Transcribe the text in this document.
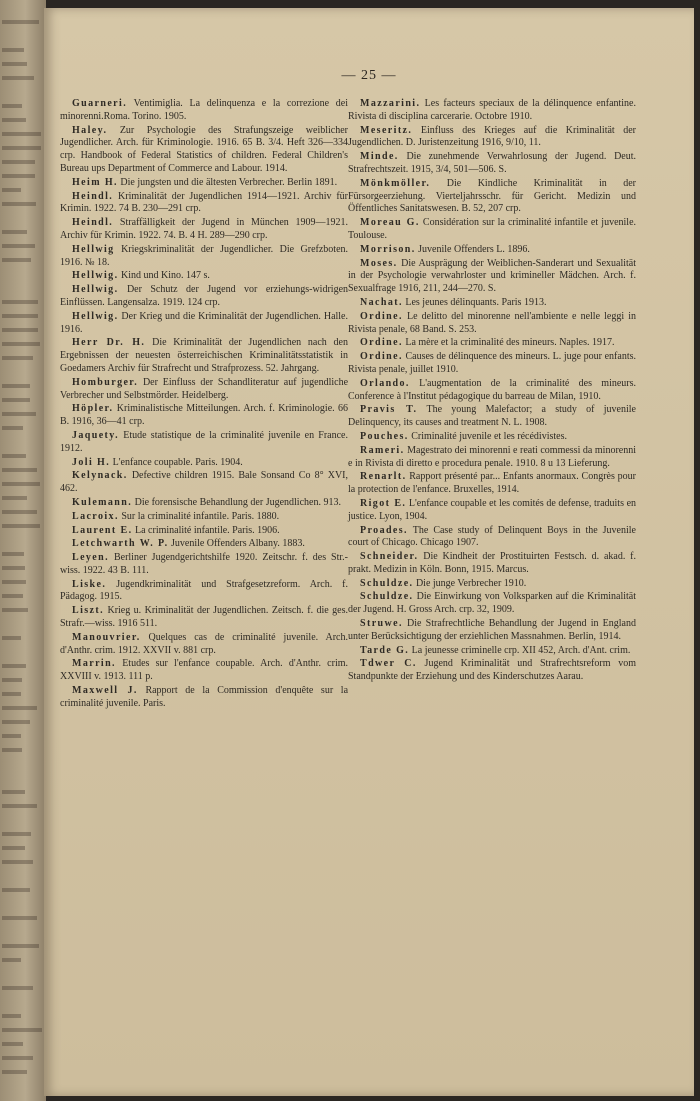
— 25 —

Guarneri. Ventimiglia. La delinquenza e la correzione dei minorenni.Roma. Torino. 1905.

Haley. Zur Psychologie des Strafungszeige weiblicher Jugendlicher. Arch. für Kriminologie. 1916. 65 B. 3/4. Heft 326—334 crp. Handbook of Federal Statistics of children. Federal Children's Bureau ups Department of Commerce and Labour. 1914.

Heim H. Die jungsten und die ältesten Verbrecher. Berlin 1891.

Heindl. Kriminalität der Jugendlichen 1914—1921. Archiv für Krimin. 1922. 74 B. 230—291 crp.

Heindl. Straffälligkeit der Jugend in München 1909—1921. Archiv für Krimin. 1922. 74. B. 4 H. 289—290 crp.

Hellwig Kriegskriminalität der Jugendlicher. Die Grefzboten. 1916. № 18.

Hellwig. Kind und Kino. 147 s.

Hellwig. Der Schutz der Jugend vor erziehungs-widrigen Einflüssen. Langensalza. 1919. 124 crp.

Hellwig. Der Krieg und die Kriminalität der Jugendlichen. Halle. 1916.

Herr Dr. H. Die Kriminalität der Jugendlichen nach den Ergebnissen der neuesten österreichischen Kriminalitätsstatistik in Goedamers Archiv für Strafrecht und Strafprozess. 52. Jahrgang.

Homburger. Der Einfluss der Schandliteratur auf jugendliche Verbrecher und Selbstmörder. Heidelberg.

Höpler. Kriminalistische Mitteilungen. Arch. f. Kriminologie. 66 B. 1916, 36—41 crp.

Jaquety. Etude statistique de la criminalité juvenile en France. 1912.

Joli H. L'enfance coupable. Paris. 1904.

Kelynack. Defective children 1915. Bale Sonsand Co 8° XVI, 462.

Kulemann. Die forensische Behandlung der Jugendlichen. 913.

Lacroix. Sur la criminalité infantile. Paris. 1880.

Laurent E. La criminalité infantile. Paris. 1906.

Letchwarth W. P. Juvenile Offenders Albany. 1883.

Leyen. Berliner Jugendgerichtshilfe 1920. Zeitschr. f. des Str.-wiss. 1922. 43 B. 111.

Liske. Jugendkriminalität und Strafgesetzreform. Arch. f. Pädagog. 1915.

Liszt. Krieg u. Kriminalität der Jugendlichen. Zeitsch. f. die ges. Strafr.—wiss. 1916 511.

Manouvrier. Quelques cas de criminalité juvenile. Arch. d'Anthr. crim. 1912. XXVII v. 881 crp.

Marrin. Etudes sur l'enfance coupable. Arch. d'Anthr. crim. XXVIII v. 1913. 111 p.

Maxwell J. Rapport de la Commission d'enquête sur la criminalité juvenile. Paris.

Mazzarini. Les facteurs speciaux de la délinquence enfantine. Rivista di disciplina carcerarie. Octobre 1910.

Meseritz. Einfluss des Krieges auf die Kriminalität der Jugendlichen. D. Juristenzeitung 1916, 9/10, 11.

Minde. Die zunehmende Verwahrlosung der Jugend. Deut. Strafrechtszeit. 1915, 3/4, 501—506. S.

Mönkmöller. Die Kindliche Kriminalität in der Fürsorgeerziehung. Vierteljahrsschr. für Gericht. Medizin und Öffentliches Sanitatswesen. B. 52, 207 crp.

Moreau G. Considération sur la criminalité infantile et juvenile. Toulouse.

Morrison. Juvenile Offenders L. 1896.

Moses. Die Ausprägung der Weiblichen-Sanderart und Sexualität in der Psychologie verwahrloster und krimineller Mädchen. Arch. f. Sexualfrage 1916, 211, 244—270. S.

Nachat. Les jeunes délinquants. Paris 1913.

Ordine. Le delitto del minorenne nell'ambiente e nelle leggi in Rivista penale, 68 Band. S. 253.

Ordine. La mère et la criminalité des mineurs. Naples. 1917.

Ordine. Causes de délinquence des mineurs. L. juge pour enfants. Rivista penale, juillet 1910.

Orlando. L'augmentation de la criminalité des mineurs. Conference à l'Institut pédagogique du barreau de Milan, 1910.

Pravis T. The young Malefactor; a study of juvenile Delinquency, its causes and treatment N. L. 1908.

Pouches. Criminalité juvenile et les récédivistes.

Rameri. Magestrato dei minorenni e reati commessi da minorenni e in Rivista di diretto e procedura penale. 1910. 8 u 13 Lieferung.

Renarlt. Rapport présenté par... Enfants anormaux. Congrès pour la protection de l'enfance. Bruxelles, 1914.

Rigot E. L'enfance coupable et les comités de defense, traduits en justice. Lyon, 1904.

Proades. The Case study of Delinquent Boys in the Juvenile court of Chicago. Chicago 1907.

Schneider. Die Kindheit der Prostituirten Festsch. d. akad. f. prakt. Medizin in Köln. Bonn, 1915. Marcus.

Schuldze. Die junge Verbrecher 1910.

Schuldze. Die Einwirkung von Volksparken auf die Kriminalität der Jugend. H. Gross Arch. crp. 32, 1909.

Struwe. Die Strafrechtliche Behandlung der Jugend in England unter Berücksichtigung der erziehlichen Massnahmen. Berlin, 1914.

Tarde G. La jeunesse criminelle crp. XII 452, Arch. d'Ant. crim.

Tdwer C. Jugend Kriminalität und Strafrechtsreform vom Standpunkte der Erziehung und des Kinderschutzes Aarau.
